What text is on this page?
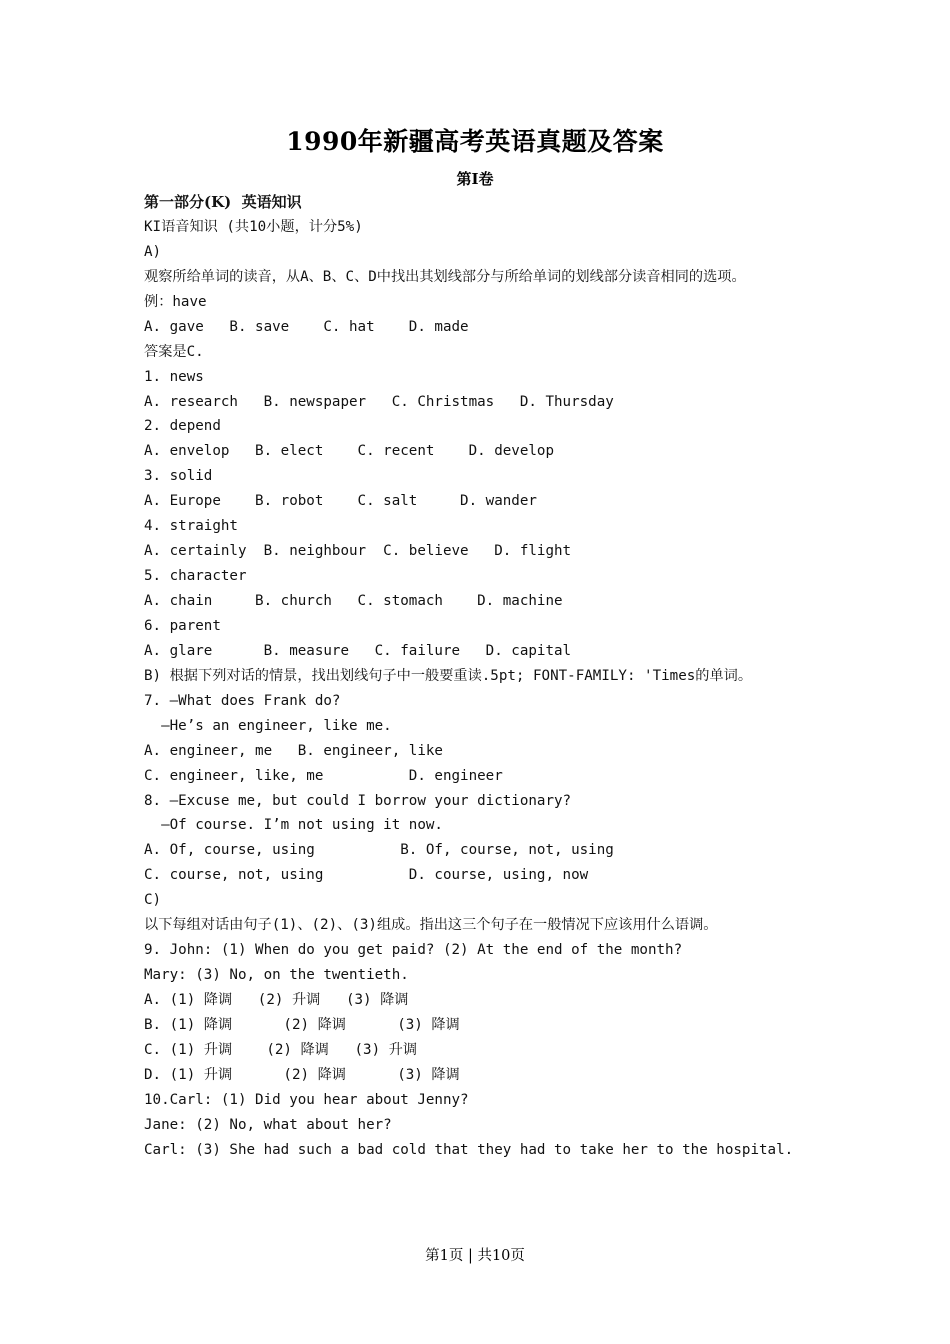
1990年新疆高考英语真题及答案
第I卷
第一部分(K)  英语知识
KI语音知识 (共10小题，计分5%)
A)
观察所给单词的读音，从A、B、C、D中找出其划线部分与所给单词的划线部分读音相同的选项。
例：have
A. gave   B. save    C. hat    D. made
答案是C.
1. news
A. research   B. newspaper   C. Christmas   D. Thursday
2. depend
A. envelop   B. elect    C. recent    D. develop
3. solid
A. Europe    B. robot    C. salt     D. wander
4. straight
A. certainly  B. neighbour  C. believe   D. flight
5. character
A. chain     B. church   C. stomach    D. machine
6. parent
A. glare      B. measure   C. failure   D. capital
B) 根据下列对话的情景，找出划线句子中一般要重读.5pt; FONT-FAMILY: 'Times的单词。
7. —What does Frank do?
—He’s an engineer, like me.
A. engineer, me   B. engineer, like
C. engineer, like, me          D. engineer
8. —Excuse me, but could I borrow your dictionary?
—Of course. I’m not using it now.
A. Of, course, using          B. Of, course, not, using
C. course, not, using          D. course, using, now
C)
以下每组对话由句子(1)、(2)、(3)组成。指出这三个句子在一般情况下应该用什么语调。
9. John: (1) When do you get paid? (2) At the end of the month?
Mary: (3) No, on the twentieth.
A. (1) 降调   (2) 升调   (3) 降调
B. (1) 降调      (2) 降调      (3) 降调
C. (1) 升调    (2) 降调   (3) 升调
D. (1) 升调      (2) 降调      (3) 降调
10.Carl: (1) Did you hear about Jenny?
Jane: (2) No, what about her?
Carl: (3) She had such a bad cold that they had to take her to the hospital.
第1页 | 共10页
